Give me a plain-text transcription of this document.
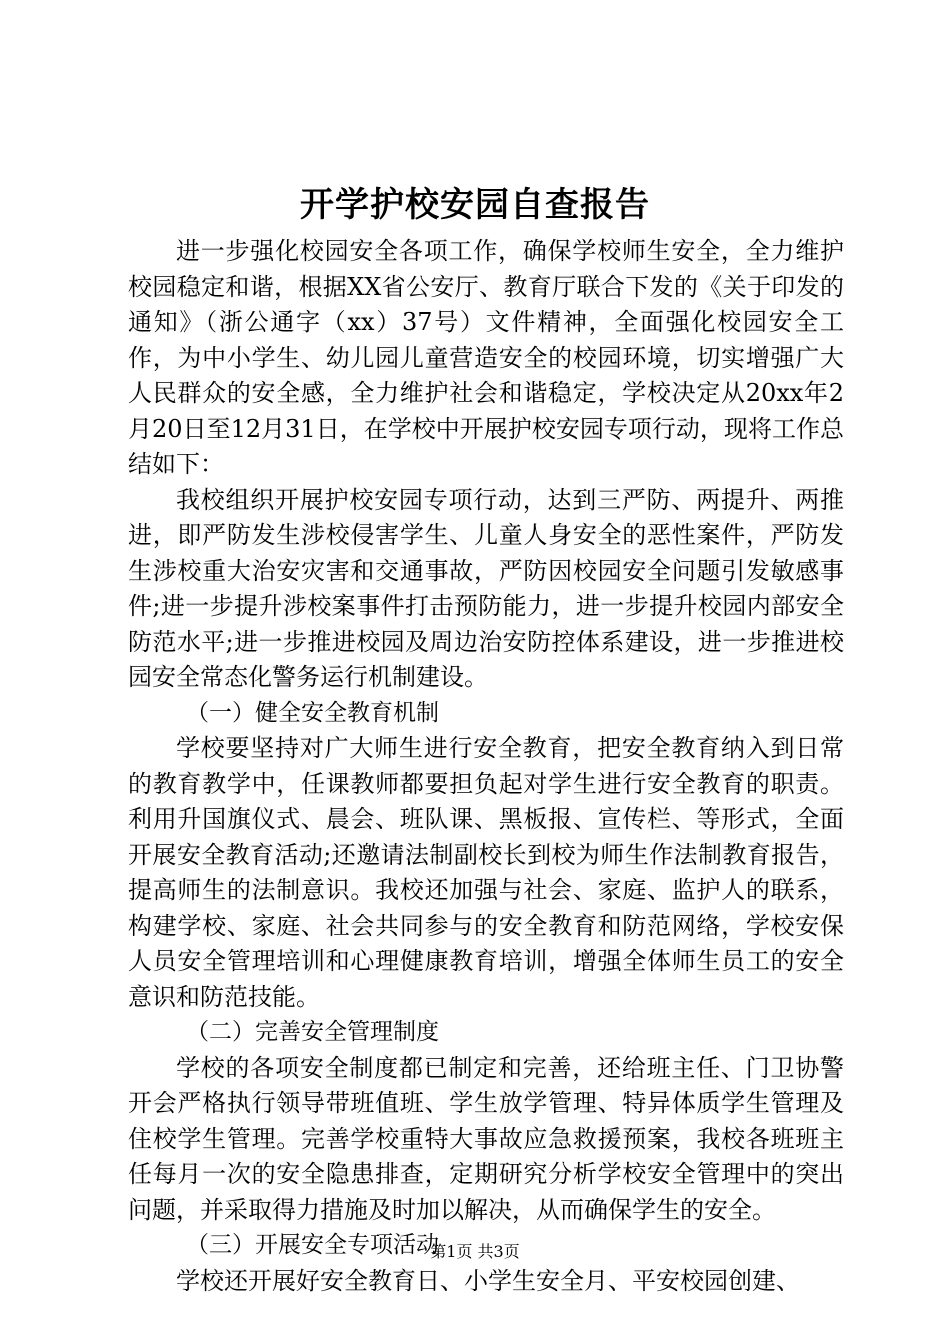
开学护校安园自查报告

进一步强化校园安全各项工作，确保学校师生安全，全力维护校园稳定和谐，根据XX省公安厅、教育厅联合下发的《关于印发的通知》（浙公通字（xx）37号）文件精神，全面强化校园安全工作，为中小学生、幼儿园儿童营造安全的校园环境，切实增强广大人民群众的安全感，全力维护社会和谐稳定，学校决定从20xx年2月20日至12月31日，在学校中开展护校安园专项行动，现将工作总结如下：

我校组织开展护校安园专项行动，达到三严防、两提升、两推进，即严防发生涉校侵害学生、儿童人身安全的恶性案件，严防发生涉校重大治安灾害和交通事故，严防因校园安全问题引发敏感事件;进一步提升涉校案事件打击预防能力，进一步提升校园内部安全防范水平;进一步推进校园及周边治安防控体系建设，进一步推进校园安全常态化警务运行机制建设。

（一）健全安全教育机制

学校要坚持对广大师生进行安全教育，把安全教育纳入到日常的教育教学中，任课教师都要担负起对学生进行安全教育的职责。利用升国旗仪式、晨会、班队课、黑板报、宣传栏、等形式，全面开展安全教育活动;还邀请法制副校长到校为师生作法制教育报告，提高师生的法制意识。我校还加强与社会、家庭、监护人的联系，构建学校、家庭、社会共同参与的安全教育和防范网络，学校安保人员安全管理培训和心理健康教育培训，增强全体师生员工的安全意识和防范技能。

（二）完善安全管理制度

学校的各项安全制度都已制定和完善，还给班主任、门卫协警开会严格执行领导带班值班、学生放学管理、特异体质学生管理及住校学生管理。完善学校重特大事故应急救援预案，我校各班班主任每月一次的安全隐患排查，定期研究分析学校安全管理中的突出问题，并采取得力措施及时加以解决，从而确保学生的安全。

（三）开展安全专项活动

学校还开展好安全教育日、小学生安全月、平安校园创建、

第1页 共3页
